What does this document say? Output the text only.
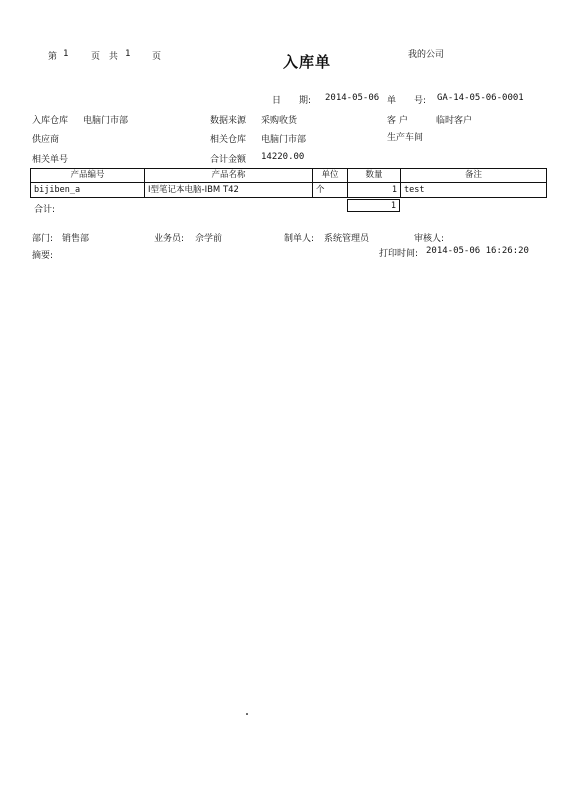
第 1	页 共 1 页	入库单	我的公司
日　　期: 2014-05-06 单　　号: GA-14-05-06-0001
入库仓库 电脑门市部	数据来源 采购收货	客 户	临时客户
供应商	相关仓库 电脑门市部	生产车间
相关单号	合计金额 14220.00
产品编号	产品名称	单位	数量	备注
bijiben_a	I型笔记本电脑-IBM T42	个	1	test
合计:	1
部门: 销售部	业务员: 佘学前	制单人: 系统管理员	审核人:
摘要:	打印时间: 2014-05-06 16:26:20
